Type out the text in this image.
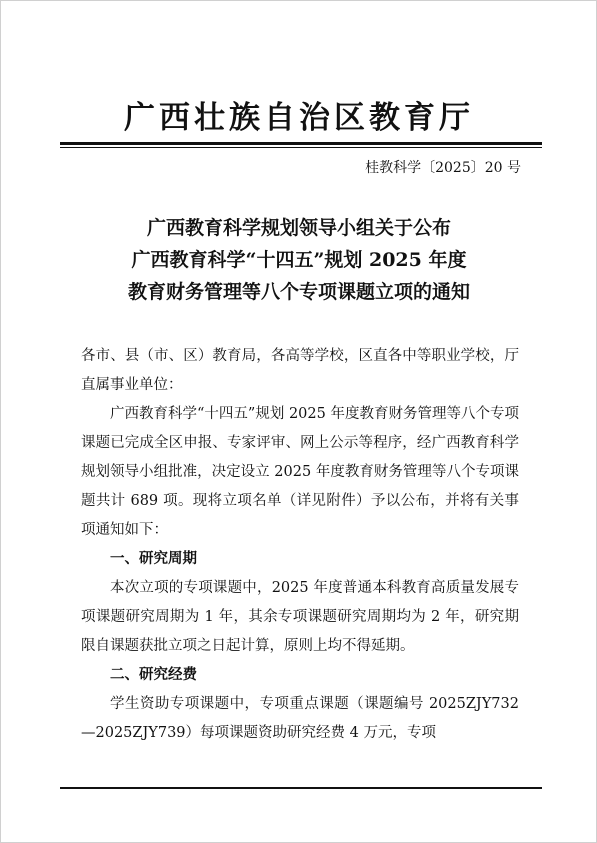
广西壮族自治区教育厅
桂教科学〔2025〕20 号
广西教育科学规划领导小组关于公布
广西教育科学“十四五”规划 2025 年度
教育财务管理等八个专项课题立项的通知

各市、县（市、区）教育局，各高等学校，区直各中等职业学校，厅直属事业单位：

广西教育科学“十四五”规划 2025 年度教育财务管理等八个专项课题已完成全区申报、专家评审、网上公示等程序，经广西教育科学规划领导小组批准，决定设立 2025 年度教育财务管理等八个专项课题共计 689 项。现将立项名单（详见附件）予以公布，并将有关事项通知如下：

一、研究周期

本次立项的专项课题中，2025 年度普通本科教育高质量发展专项课题研究周期为 1 年，其余专项课题研究周期均为 2 年，研究期限自课题获批立项之日起计算，原则上均不得延期。

二、研究经费

学生资助专项课题中，专项重点课题（课题编号 2025ZJY732—2025ZJY739）每项课题资助研究经费 4 万元，专项
